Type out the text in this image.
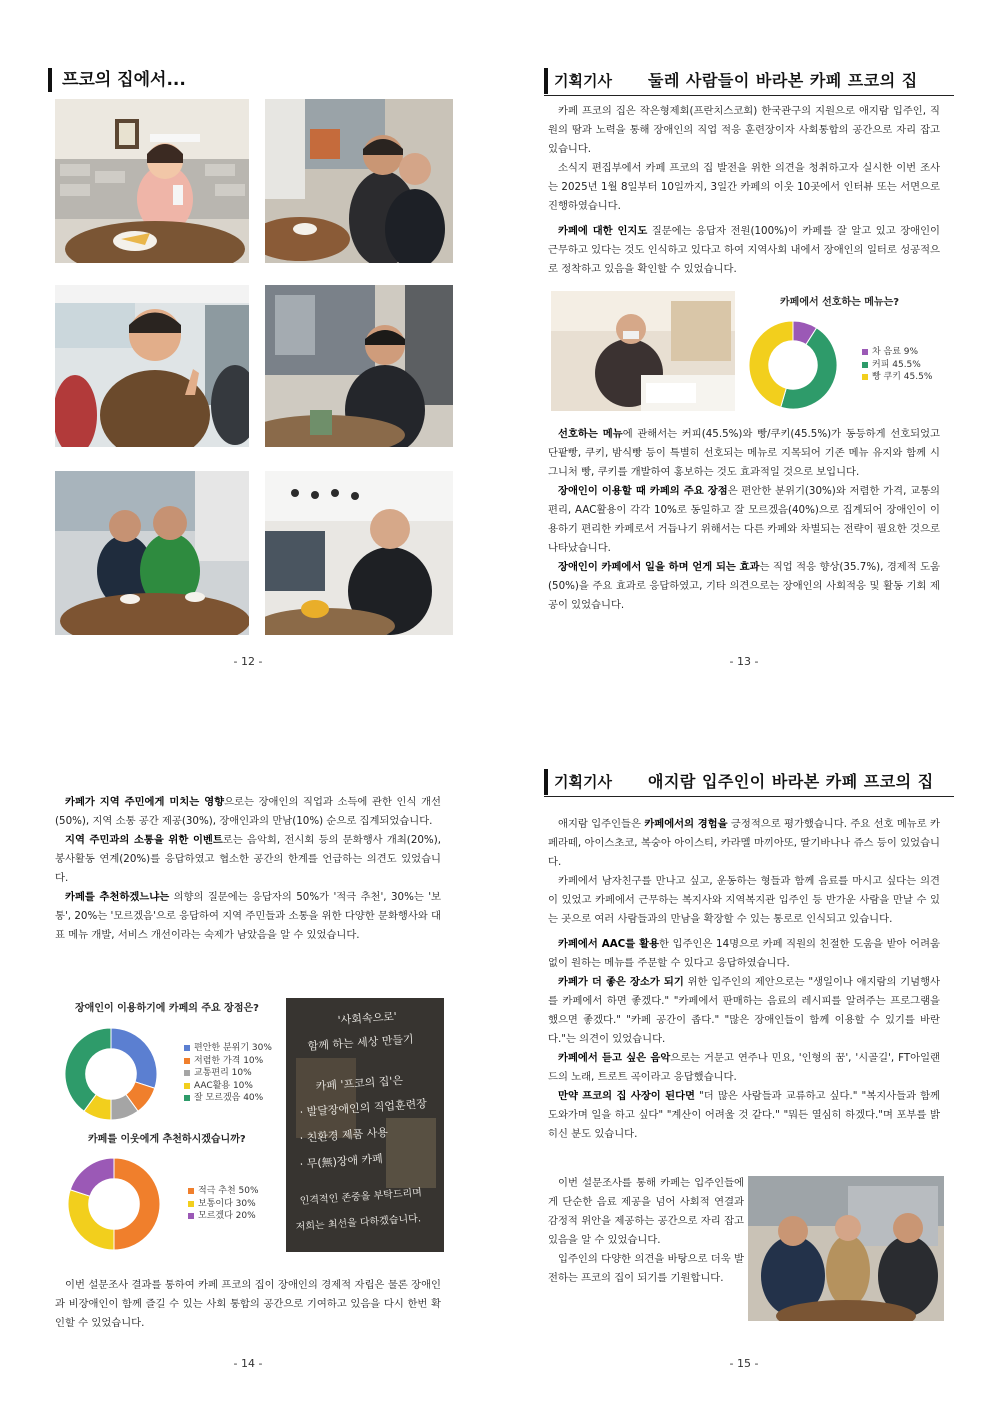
프코의 집에서...
- 12 -
기획기사	둘레 사람들이 바라본 카페 프코의 집

카페 프코의 집은 작은형제회(프란치스코회) 한국관구의 지원으로 애지람 입주인, 직원의 땀과 노력을 통해 장애인의 직업 적응 훈련장이자 사회통합의 공간으로 자리 잡고 있습니다.

소식지 편집부에서 카페 프코의 집 발전을 위한 의견을 청취하고자 실시한 이번 조사는 2025년 1월 8일부터 10일까지, 3일간 카페의 이웃 10곳에서 인터뷰 또는 서면으로 진행하였습니다.

카페에 대한 인지도 질문에는 응답자 전원(100%)이 카페를 잘 알고 있고 장애인이 근무하고 있다는 것도 인식하고 있다고 하여 지역사회 내에서 장애인의 일터로 성공적으로 정착하고 있음을 확인할 수 있었습니다.

카페에서 선호하는 메뉴는?
차 음료 9%
커피 45.5%
빵 쿠키 45.5%

선호하는 메뉴에 관해서는 커피(45.5%)와 빵/쿠키(45.5%)가 동등하게 선호되었고 단팥빵, 쿠키, 밤식빵 등이 특별히 선호되는 메뉴로 지목되어 기존 메뉴 유지와 함께 시그니처 빵, 쿠키를 개발하여 홍보하는 것도 효과적일 것으로 보입니다.

장애인이 이용할 때 카페의 주요 장점은 편안한 분위기(30%)와 저렴한 가격, 교통의 편리, AAC활용이 각각 10%로 동일하고 잘 모르겠음(40%)으로 집계되어 장애인이 이용하기 편리한 카페로서 거듭나기 위해서는 다른 카페와 차별되는 전략이 필요한 것으로 나타났습니다.

장애인이 카페에서 일을 하며 얻게 되는 효과는 직업 적응 향상(35.7%), 경제적 도움(50%)을 주요 효과로 응답하였고, 기타 의견으로는 장애인의 사회적응 및 활동 기회 제공이 있었습니다.

- 13 -

카페가 지역 주민에게 미치는 영향으로는 장애인의 직업과 소득에 관한 인식 개선(50%), 지역 소통 공간 제공(30%), 장애인과의 만남(10%) 순으로 집계되었습니다.

지역 주민과의 소통을 위한 이벤트로는 음악회, 전시회 등의 문화행사 개최(20%), 봉사활동 연계(20%)를 응답하였고 협소한 공간의 한계를 언급하는 의견도 있었습니다.

카페를 추천하겠느냐는 의향의 질문에는 응답자의 50%가 '적극 추천', 30%는 '보통', 20%는 '모르겠음'으로 응답하여 지역 주민들과 소통을 위한 다양한 문화행사와 대표 메뉴 개발, 서비스 개선이라는 숙제가 남았음을 알 수 있었습니다.

장애인이 이용하기에 카페의 주요 장점은?
편안한 분위기 30%
저렴한 가격 10%
교통편리 10%
AAC활용 10%
잘 모르겠음 40%
카페를 이웃에게 추천하시겠습니까?
적극 추천 50%
보통이다 30%
모르겠다 20%
'사회속으로'
함께 하는 세상 만들기
카페 '프코의 집'은
· 발달장애인의 직업훈련장
· 친환경 제품 사용
· 무(無)장애 카페
인격적인 존중을 부탁드리며
저희는 최선을 다하겠습니다.

이번 설문조사 결과를 통하여 카페 프코의 집이 장애인의 경제적 자립은 물론 장애인과 비장애인이 함께 즐길 수 있는 사회 통합의 공간으로 기여하고 있음을 다시 한번 확인할 수 있었습니다.

- 14 -
기획기사	애지람 입주인이 바라본 카페 프코의 집

애지람 입주인들은 카페에서의 경험을 긍정적으로 평가했습니다. 주요 선호 메뉴로 카페라떼, 아이스초코, 복숭아 아이스티, 카라멜 마끼아또, 딸기바나나 쥬스 등이 있었습니다.

카페에서 남자친구를 만나고 싶고, 운동하는 형들과 함께 음료를 마시고 싶다는 의견이 있었고 카페에서 근무하는 복지사와 지역복지관 입주인 등 반가운 사람을 만날 수 있는 곳으로 여러 사람들과의 만남을 확장할 수 있는 통로로 인식되고 있습니다.

카페에서 AAC를 활용한 입주인은 14명으로 카페 직원의 친절한 도움을 받아 어려움 없이 원하는 메뉴를 주문할 수 있다고 응답하였습니다.

카페가 더 좋은 장소가 되기 위한 입주인의 제안으로는 "생일이나 애지람의 기념행사를 카페에서 하면 좋겠다." "카페에서 판매하는 음료의 레시피를 알려주는 프로그램을 했으면 좋겠다." "카페 공간이 좁다." "많은 장애인들이 함께 이용할 수 있기를 바란다."는 의견이 있었습니다.

카페에서 듣고 싶은 음악으로는 거문고 연주나 민요, '인형의 꿈', '시골길', FT아일랜드의 노래, 트로트 곡이라고 응답했습니다.

만약 프코의 집 사장이 된다면 "더 많은 사람들과 교류하고 싶다." "복지사들과 함께 도와가며 일을 하고 싶다" "계산이 어려울 것 같다." "뭐든 열심히 하겠다."며 포부를 밝히신 분도 있습니다.

이번 설문조사를 통해 카페는 입주인들에게 단순한 음료 제공을 넘어 사회적 연결과 감정적 위안을 제공하는 공간으로 자리 잡고 있음을 알 수 있었습니다.

입주인의 다양한 의견을 바탕으로 더욱 발전하는 프코의 집이 되기를 기원합니다.

- 15 -
